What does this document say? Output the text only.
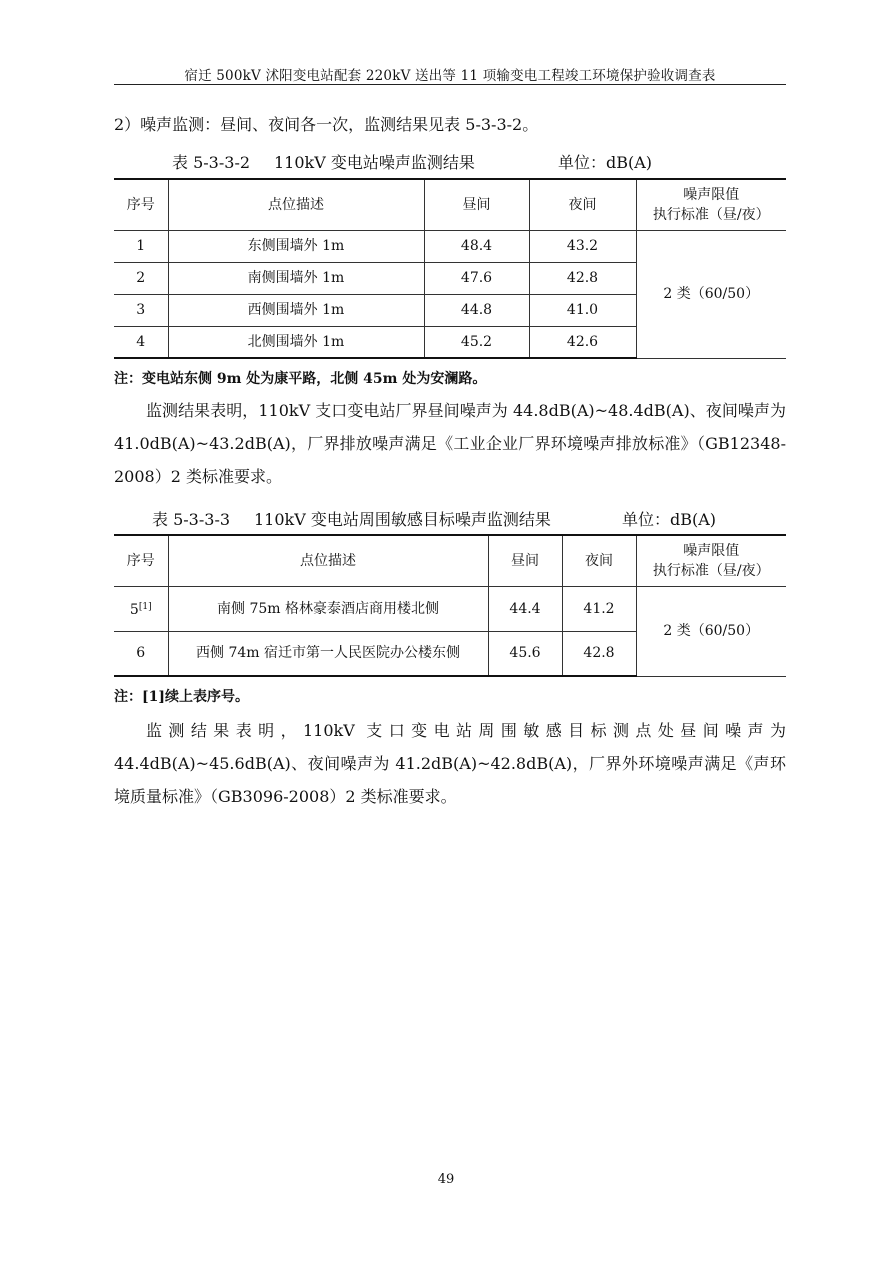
宿迁 500kV 沭阳变电站配套 220kV 送出等 11 项输变电工程竣工环境保护验收调查表

2）噪声监测：昼间、夜间各一次，监测结果见表 5-3-3-2。

表 5-3-3-2 110kV 变电站噪声监测结果	单位：dB(A)
序号	点位描述	昼间	夜间	噪声限值
执行标准（昼/夜）

1	东侧围墙外 1m	48.4	43.2	2 类（60/50）
2	南侧围墙外 1m	47.6	42.8	
3	西侧围墙外 1m	44.8	41.0	
4	北侧围墙外 1m	45.2	42.6	
注：变电站东侧 9m 处为康平路，北侧 45m 处为安澜路。

监测结果表明，110kV 支口变电站厂界昼间噪声为 44.8dB(A)~48.4dB(A)、夜间噪声为 41.0dB(A)~43.2dB(A)，厂界排放噪声满足《工业企业厂界环境噪声排放标准》（GB12348-2008）2 类标准要求。

表 5-3-3-3 110kV 变电站周围敏感目标噪声监测结果	单位：dB(A)
序号	点位描述	昼间	夜间	噪声限值
执行标准（昼/夜）

5[1]	南侧 75m 格林豪泰酒店商用楼北侧	44.4	41.2	2 类（60/50）
6	西侧 74m 宿迁市第一人民医院办公楼东侧	45.6	42.8	
注：[1]续上表序号。

监测结果表明，110kV 支口变电站周围敏感目标测点处昼间噪声为 44.4dB(A)~45.6dB(A)、夜间噪声为 41.2dB(A)~42.8dB(A)，厂界外环境噪声满足《声环境质量标准》（GB3096-2008）2 类标准要求。

49
